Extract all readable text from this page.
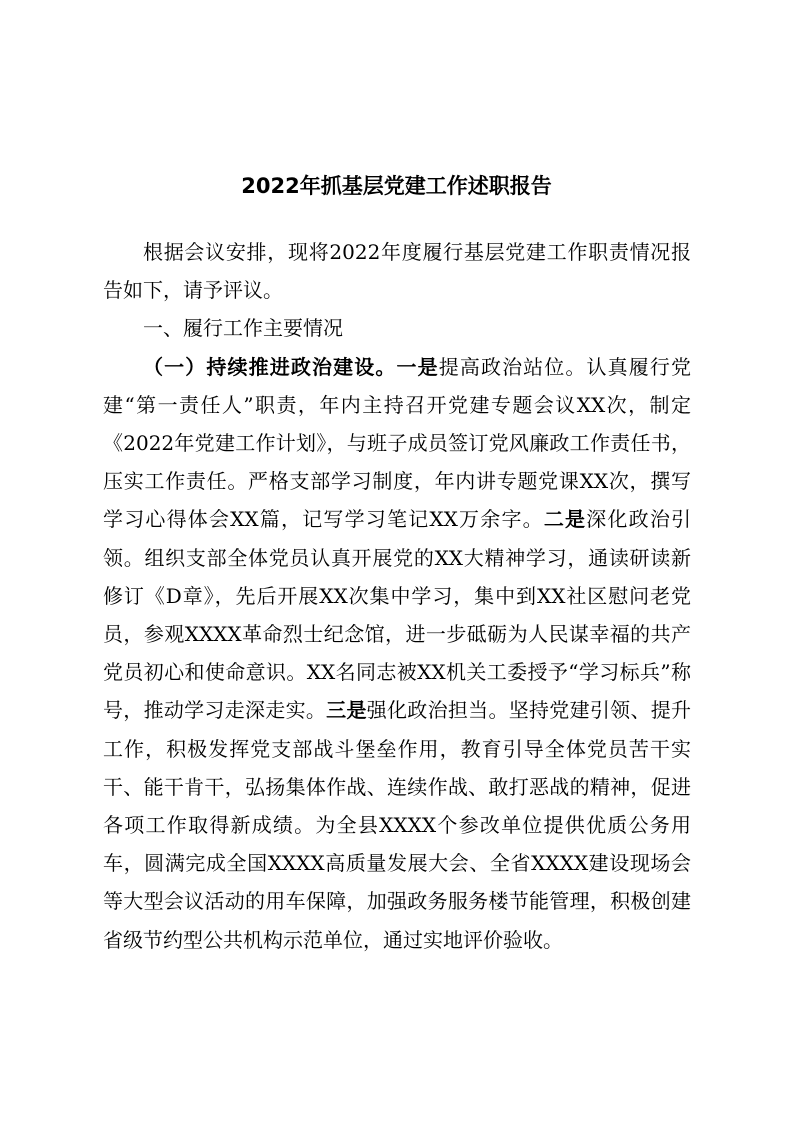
2022年抓基层党建工作述职报告

根据会议安排，现将2022年度履行基层党建工作职责情况报告如下，请予评议。

一、履行工作主要情况

（一）持续推进政治建设。一是提高政治站位。认真履行党建“第一责任人”职责，年内主持召开党建专题会议XX次，制定《2022年党建工作计划》，与班子成员签订党风廉政工作责任书，压实工作责任。严格支部学习制度，年内讲专题党课XX次，撰写学习心得体会XX篇，记写学习笔记XX万余字。二是深化政治引领。组织支部全体党员认真开展党的XX大精神学习，通读研读新修订《D章》，先后开展XX次集中学习，集中到XX社区慰问老党员，参观XXXX革命烈士纪念馆，进一步砥砺为人民谋幸福的共产党员初心和使命意识。XX名同志被XX机关工委授予“学习标兵”称号，推动学习走深走实。三是强化政治担当。坚持党建引领、提升工作，积极发挥党支部战斗堡垒作用，教育引导全体党员苦干实干、能干肯干，弘扬集体作战、连续作战、敢打恶战的精神，促进各项工作取得新成绩。为全县XXXX个参改单位提供优质公务用车，圆满完成全国XXXX高质量发展大会、全省XXXX建设现场会等大型会议活动的用车保障，加强政务服务楼节能管理，积极创建省级节约型公共机构示范单位，通过实地评价验收。
